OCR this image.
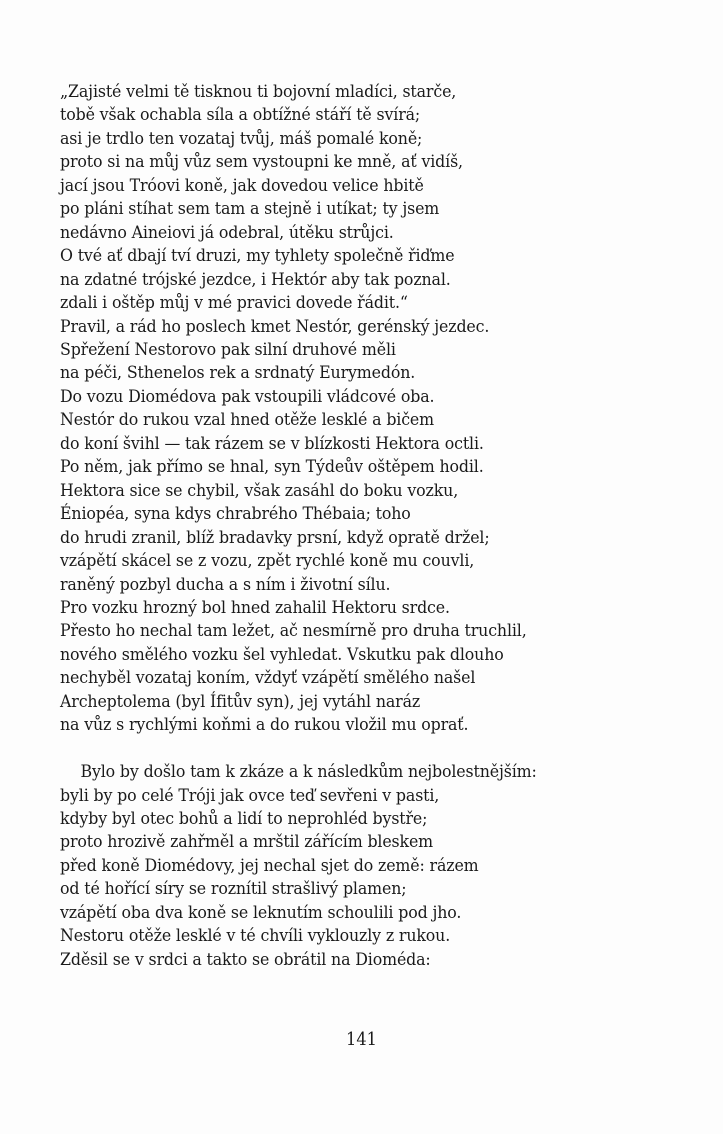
„Zajisté velmi tě tisknou ti bojovní mladíci, starče,
tobě však ochabla síla a obtížné stáří tě svírá;
asi je trdlo ten vozataj tvůj, máš pomalé koně;
proto si na můj vůz sem vystoupni ke mně, ať vidíš,
jací jsou Tróovi koně, jak dovedou velice hbitě
po pláni stíhat sem tam a stejně i utíkat; ty jsem
nedávno Aineiovi já odebral, útěku strůjci.
O tvé ať dbají tví druzi, my tyhlety společně řiďme
na zdatné trójské jezdce, i Hektór aby tak poznal.
zdali i oštěp můj v mé pravici dovede řádit.“
Pravil, a rád ho poslech kmet Nestór, gerénský jezdec.
Spřežení Nestorovo pak silní druhové měli
na péči, Sthenelos rek a srdnatý Eurymedón.
Do vozu Diomédova pak vstoupili vládcové oba.
Nestór do rukou vzal hned otěže lesklé a bičem
do koní švihl — tak rázem se v blízkosti Hektora octli.
Po něm, jak přímo se hnal, syn Týdeův oštěpem hodil.
Hektora sice se chybil, však zasáhl do boku vozku,
Éniopéa, syna kdys chrabrého Thébaia; toho
do hrudi zranil, blíž bradavky prsní, když opratě držel;
vzápětí skácel se z vozu, zpět rychlé koně mu couvli,
raněný pozbyl ducha a s ním i životní sílu.
Pro vozku hrozný bol hned zahalil Hektoru srdce.
Přesto ho nechal tam ležet, ač nesmírně pro druha truchlil,
nového smělého vozku šel vyhledat. Vskutku pak dlouho
nechyběl vozataj koním, vždyť vzápětí smělého našel
Archeptolema (byl Ífitův syn), jej vytáhl naráz
na vůz s rychlými koňmi a do rukou vložil mu oprať.
Bylo by došlo tam k zkáze a k následkům nejbolestnějším:
byli by po celé Tróji jak ovce teď sevřeni v pasti,
kdyby byl otec bohů a lidí to neprohléd bystře;
proto hrozivě zahřměl a mrštil zářícím bleskem
před koně Diomédovy, jej nechal sjet do země: rázem
od té hořící síry se roznítil strašlivý plamen;
vzápětí oba dva koně se leknutím schoulili pod jho.
Nestoru otěže lesklé v té chvíli vyklouzly z rukou.
Zděsil se v srdci a takto se obrátil na Dioméda:
141
